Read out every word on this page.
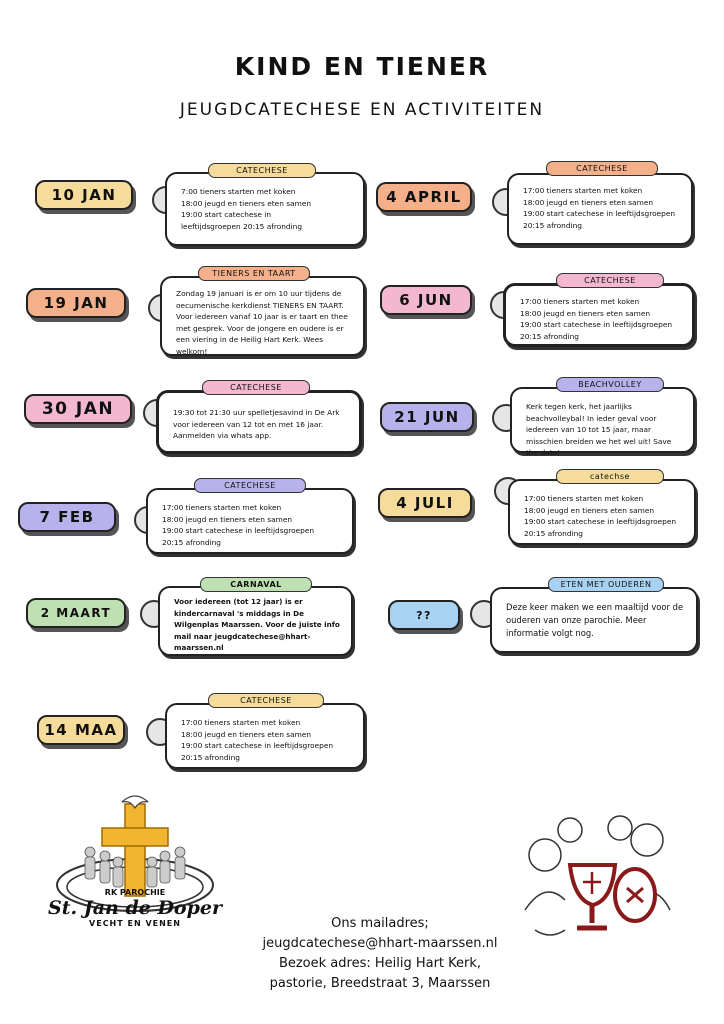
KIND EN TIENER
JEUGDCATECHESE EN ACTIVITEITEN
10 JAN
CATECHESE
7:00 tieners starten met koken
18:00 jeugd en tieners eten samen
19:00 start catechese in
leeftijdsgroepen 20:15 afronding
4 APRIL
CATECHESE
17:00 tieners starten met koken
18:00 jeugd en tieners eten samen
19:00 start catechese in leeftijdsgroepen
20:15 afronding
19 JAN
TIENERS EN TAART
Zondag 19 januari is er om 10 uur tijdens de oecumenische kerkdienst TIENERS EN TAART. Voor iedereen vanaf 10 jaar is er taart en thee met gesprek. Voor de jongere en oudere is er een viering in de Heilig Hart Kerk. Wees welkom!
6 JUN
CATECHESE
17:00 tieners starten met koken
18:00 jeugd en tieners eten samen
19:00 start catechese in leeftijdsgroepen
20:15 afronding
30 JAN
CATECHESE
19:30 tot 21:30 uur spelletjesavind in De Ark voor iedereen van 12 tot en met 16 jaar. Aanmelden via whats app.
21 JUN
BEACHVOLLEY
Kerk tegen kerk, het jaarlijks beachvolleybal! In ieder geval voor iedereen van 10 tot 15 jaar, maar misschien breiden we het wel uit! Save the date!
7 FEB
CATECHESE
17:00 tieners starten met koken
18:00 jeugd en tieners eten samen
19:00 start catechese in leeftijdsgroepen
20:15 afronding
4 JULI
catechse
17:00 tieners starten met koken
18:00 jeugd en tieners eten samen
19:00 start catechese in leeftijdsgroepen
20:15 afronding
2 MAART
CARNAVAL
Voor iedereen (tot 12 jaar) is er kindercarnaval 's middags in De Wilgenplas Maarssen. Voor de juiste info mail naar jeugdcatechese@hhart-maarssen.nl
??
ETEN MET OUDEREN
Deze keer maken we een maaltijd voor de ouderen van onze parochie. Meer informatie volgt nog.
14 MAA
CATECHESE
17:00 tieners starten met koken
18:00 jeugd en tieners eten samen
19:00 start catechese in leeftijdsgroepen
20:15 afronding
RK PAROCHIE
St. Jan de Doper
VECHT EN VENEN	Ons mailadres;
jeugdcatechese@hhart-maarssen.nl
Bezoek adres: Heilig Hart Kerk,
pastorie, Breedstraat 3, Maarssen
